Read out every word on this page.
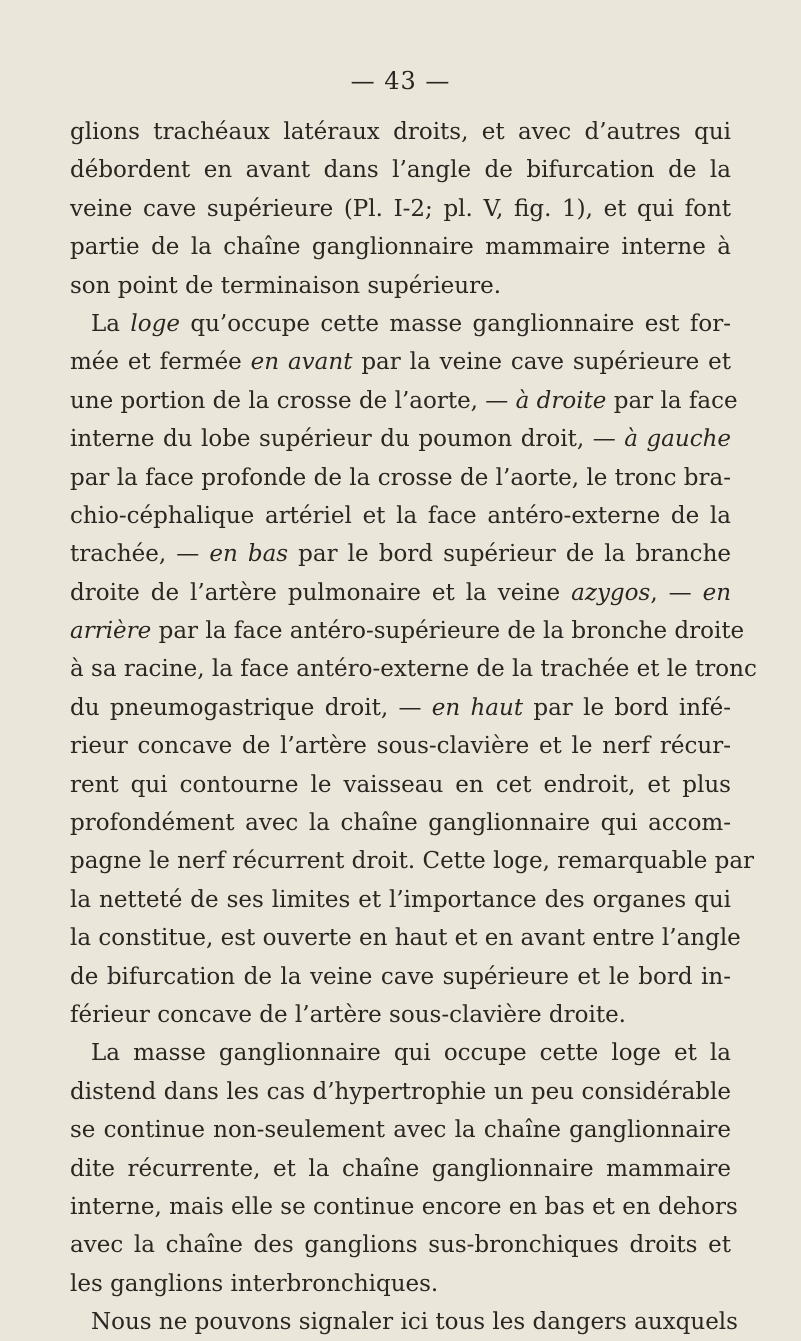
— 43 —
glions trachéaux latéraux droits, et avec d’autres qui
débordent en avant dans l’angle de bifurcation de la
veine cave supérieure (Pl. I-2; pl. V, fig. 1), et qui font
partie de la chaîne ganglionnaire mammaire interne à
son point de terminaison supérieure.
La loge qu’occupe cette masse ganglionnaire est for-
mée et fermée en avant par la veine cave supérieure et
une portion de la crosse de l’aorte, — à droite par la face
interne du lobe supérieur du poumon droit, — à gauche
par la face profonde de la crosse de l’aorte, le tronc bra-
chio-céphalique artériel et la face antéro-externe de la
trachée, — en bas par le bord supérieur de la branche
droite de l’artère pulmonaire et la veine azygos, — en
arrière par la face antéro-supérieure de la bronche droite
à sa racine, la face antéro-externe de la trachée et le tronc
du pneumogastrique droit, — en haut par le bord infé-
rieur concave de l’artère sous-clavière et le nerf récur-
rent qui contourne le vaisseau en cet endroit, et plus
profondément avec la chaîne ganglionnaire qui accom-
pagne le nerf récurrent droit. Cette loge, remarquable par
la netteté de ses limites et l’importance des organes qui
la constitue, est ouverte en haut et en avant entre l’angle
de bifurcation de la veine cave supérieure et le bord in-
férieur concave de l’artère sous-clavière droite.
La masse ganglionnaire qui occupe cette loge et la
distend dans les cas d’hypertrophie un peu considérable
se continue non-seulement avec la chaîne ganglionnaire
dite récurrente, et la chaîne ganglionnaire mammaire
interne, mais elle se continue encore en bas et en dehors
avec la chaîne des ganglions sus-bronchiques droits et
les ganglions interbronchiques.
Nous ne pouvons signaler ici tous les dangers auxquels
